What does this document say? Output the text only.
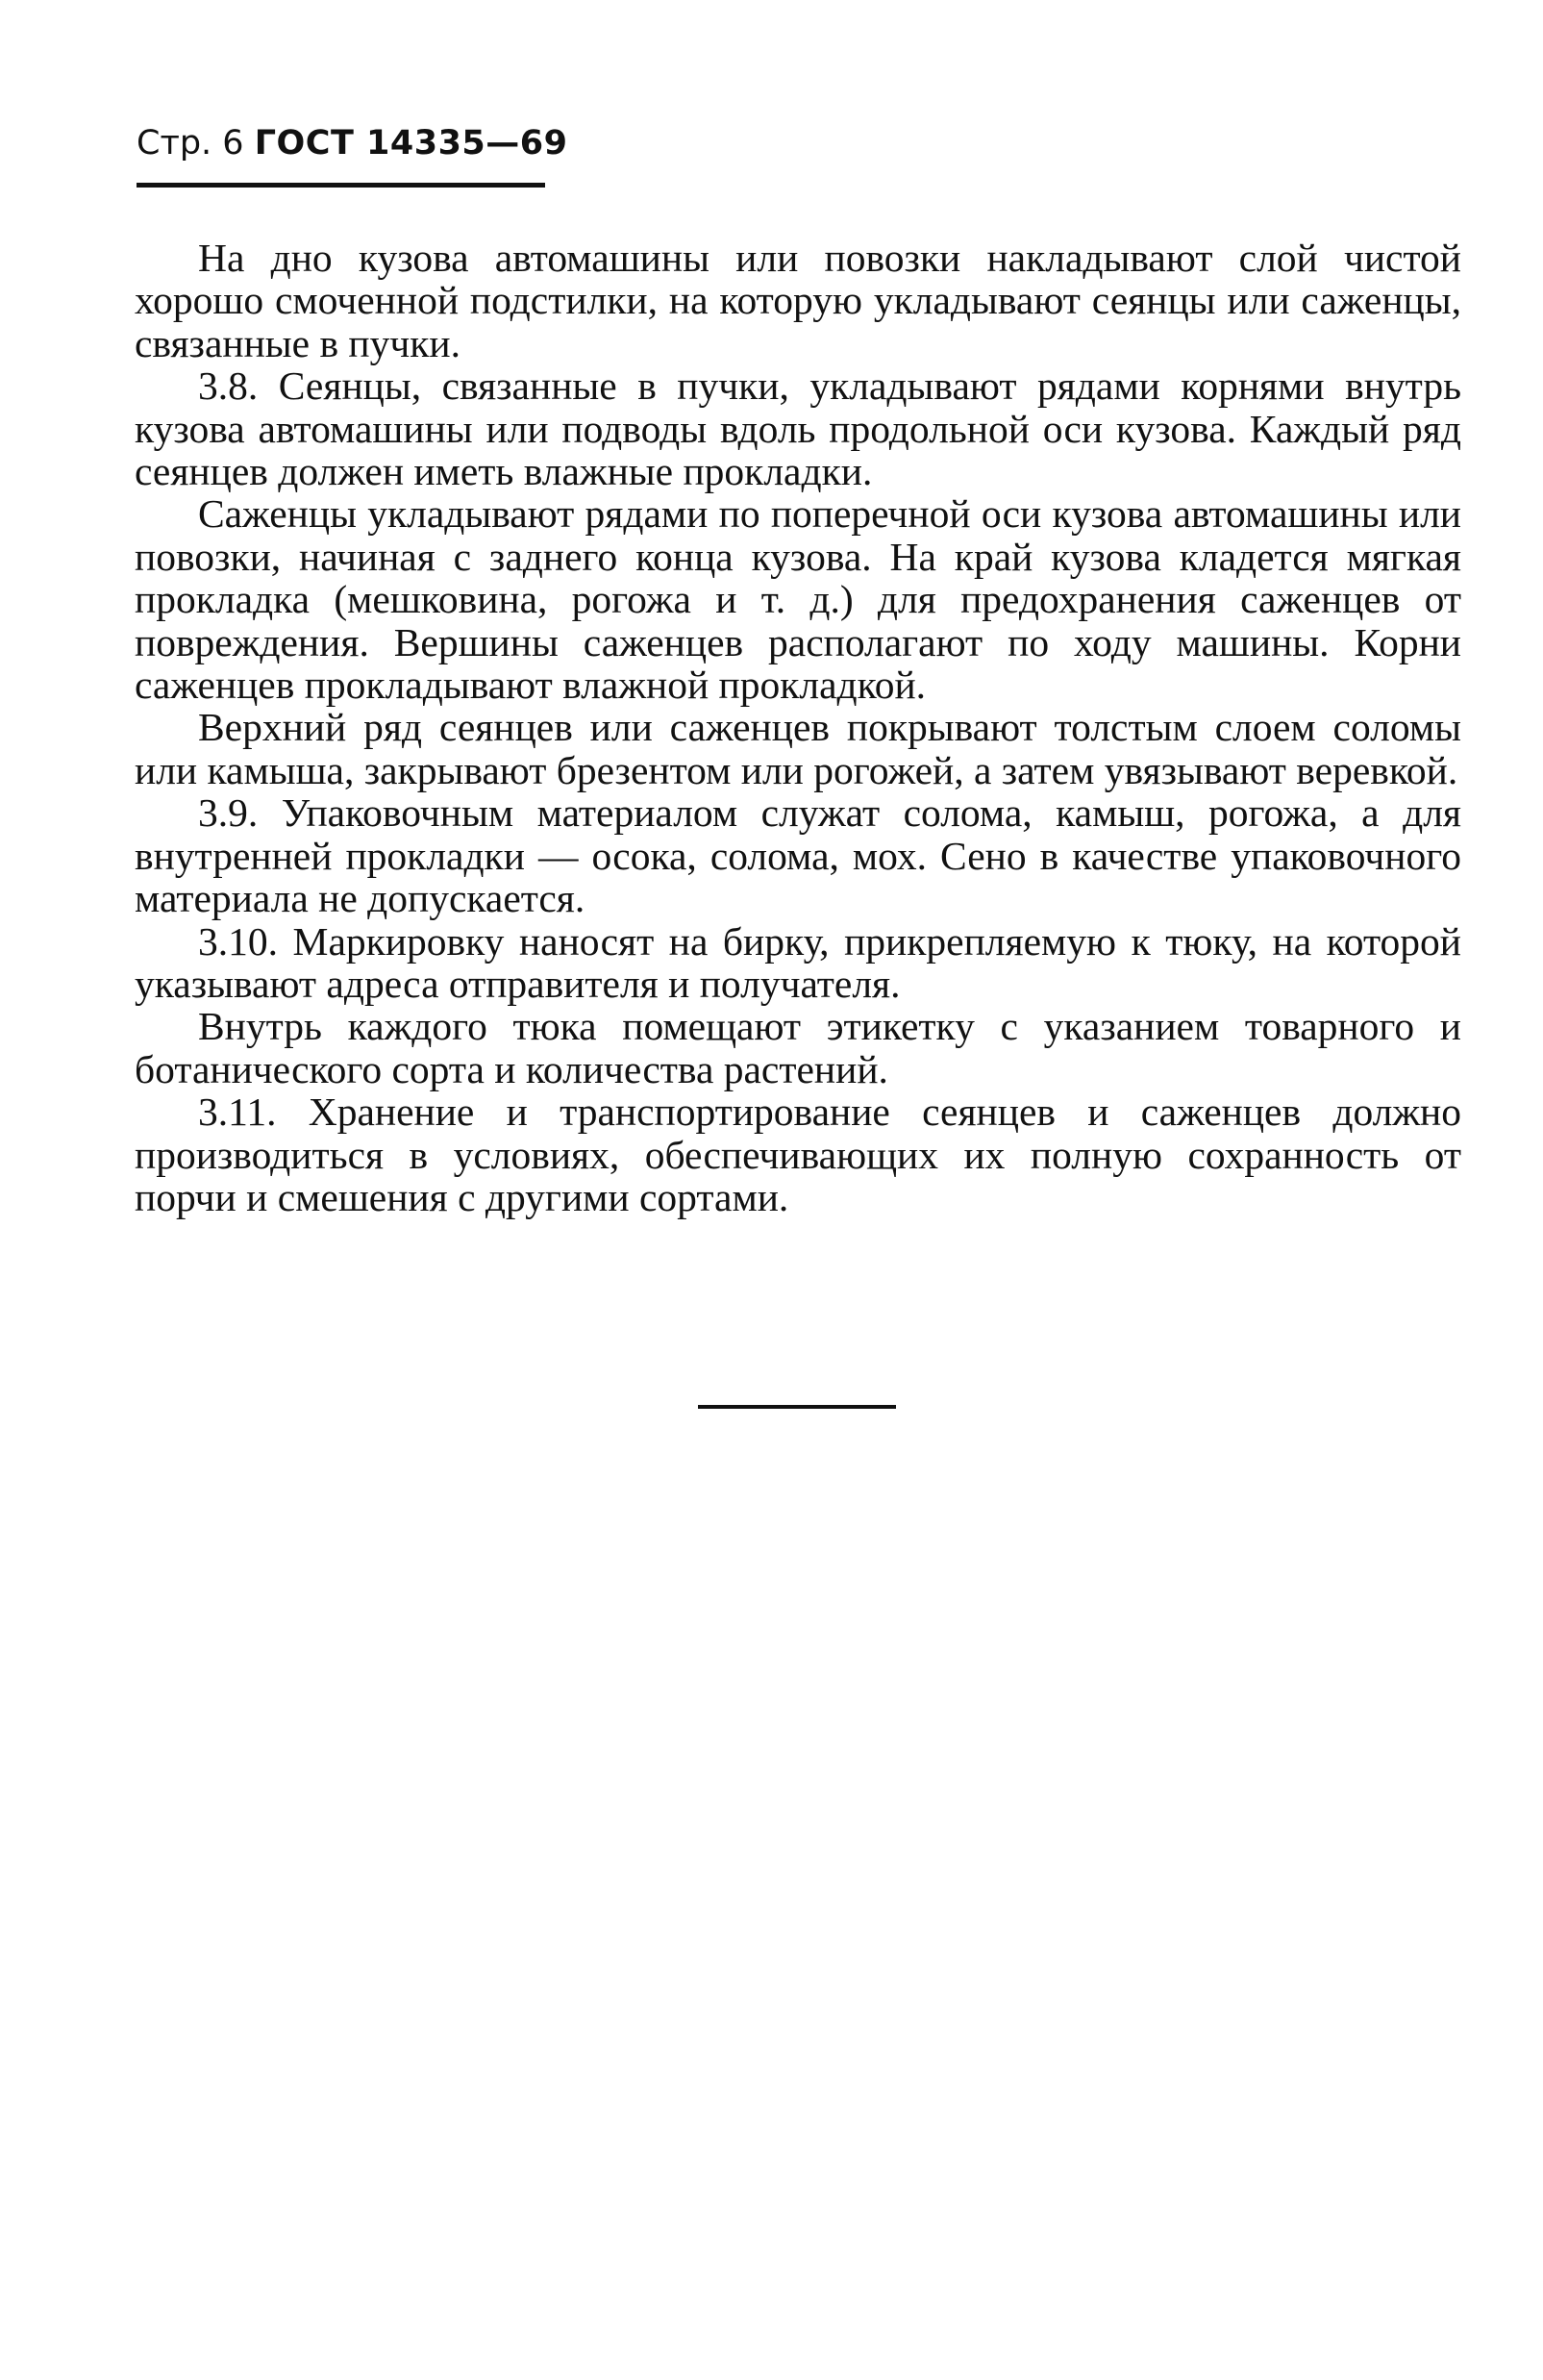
Стр. 6 ГОСТ 14335—69

На дно кузова автомашины или повозки накладывают слой чистой хорошо смоченной подстилки, на которую укладывают сеянцы или саженцы, связанные в пучки.

3.8. Сеянцы, связанные в пучки, укладывают рядами корнями внутрь кузова автомашины или подводы вдоль продольной оси кузова. Каждый ряд сеянцев должен иметь влажные прокладки.

Саженцы укладывают рядами по поперечной оси кузова автомашины или повозки, начиная с заднего конца кузова. На край кузова кладется мягкая прокладка (мешковина, рогожа и т. д.) для предохранения саженцев от повреждения. Вершины саженцев располагают по ходу машины. Корни саженцев прокладывают влажной прокладкой.

Верхний ряд сеянцев или саженцев покрывают толстым слоем соломы или камыша, закрывают брезентом или рогожей, а затем увязывают веревкой.

3.9. Упаковочным материалом служат солома, камыш, рогожа, а для внутренней прокладки — осока, солома, мох. Сено в качестве упаковочного материала не допускается.

3.10. Маркировку наносят на бирку, прикрепляемую к тюку, на которой указывают адреса отправителя и получателя.

Внутрь каждого тюка помещают этикетку с указанием товарного и ботанического сорта и количества растений.

3.11. Хранение и транспортирование сеянцев и саженцев должно производиться в условиях, обеспечивающих их полную сохранность от порчи и смешения с другими сортами.
